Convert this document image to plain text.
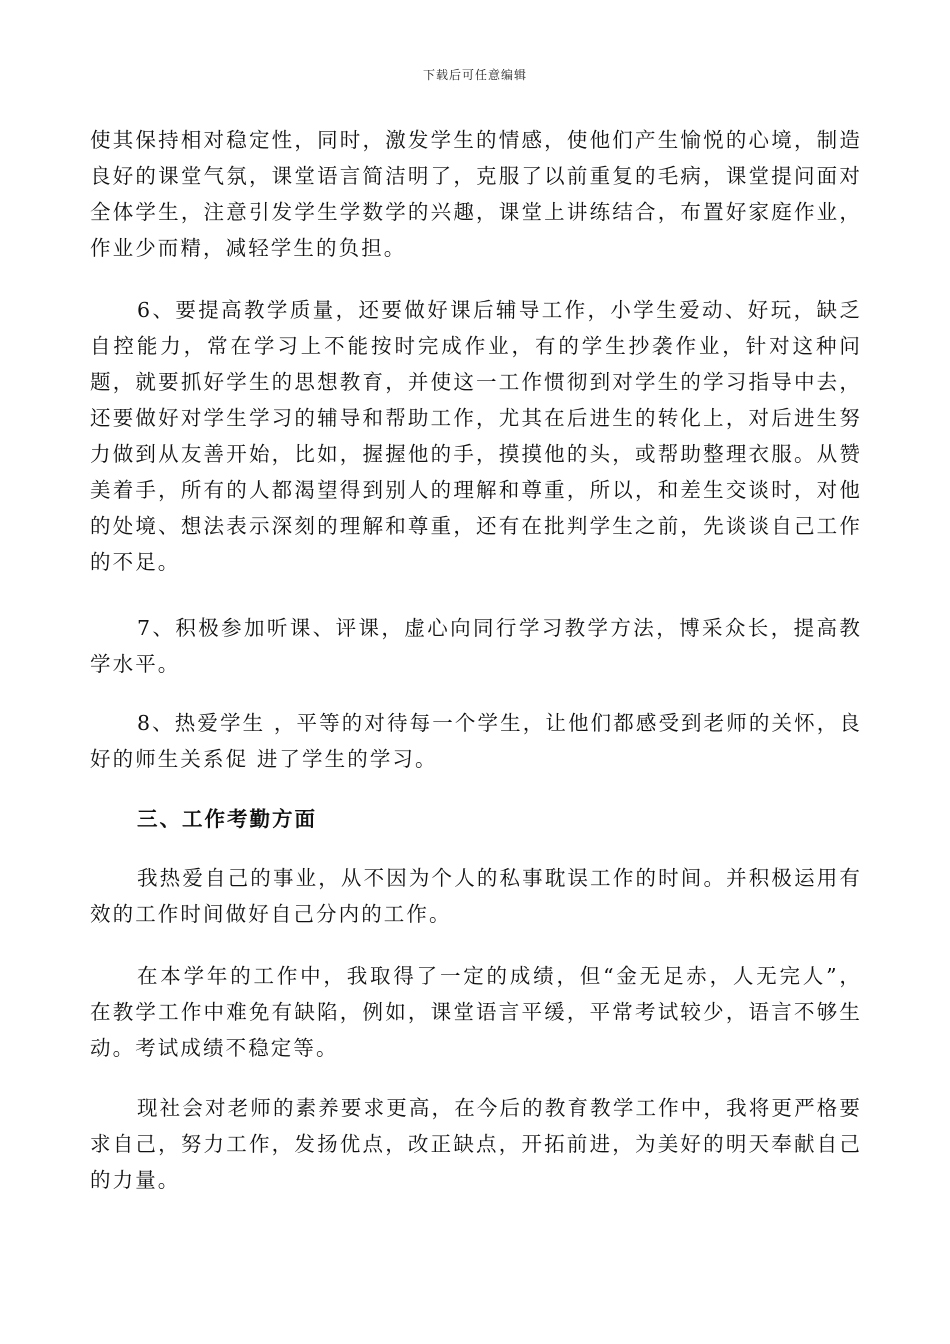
下载后可任意编辑

使其保持相对稳定性，同时，激发学生的情感，使他们产生愉悦的心境，制造良好的课堂气氛，课堂语言简洁明了，克服了以前重复的毛病，课堂提问面对全体学生，注意引发学生学数学的兴趣，课堂上讲练结合，布置好家庭作业，作业少而精，减轻学生的负担。

6、要提高教学质量，还要做好课后辅导工作，小学生爱动、好玩，缺乏自控能力，常在学习上不能按时完成作业，有的学生抄袭作业，针对这种问题，就要抓好学生的思想教育，并使这一工作惯彻到对学生的学习指导中去，还要做好对学生学习的辅导和帮助工作，尤其在后进生的转化上，对后进生努力做到从友善开始，比如，握握他的手，摸摸他的头，或帮助整理衣服。从赞美着手，所有的人都渴望得到别人的理解和尊重，所以，和差生交谈时，对他的处境、想法表示深刻的理解和尊重，还有在批判学生之前，先谈谈自己工作的不足。

7、积极参加听课、评课，虚心向同行学习教学方法，博采众长，提高教学水平。

8、热爱学生 ，平等的对待每一个学生，让他们都感受到老师的关怀，良好的师生关系促 进了学生的学习。

三、工作考勤方面

我热爱自己的事业，从不因为个人的私事耽误工作的时间。并积极运用有效的工作时间做好自己分内的工作。

在本学年的工作中，我取得了一定的成绩，但“金无足赤，人无完人”，在教学工作中难免有缺陷，例如，课堂语言平缓，平常考试较少，语言不够生动。考试成绩不稳定等。

现社会对老师的素养要求更高，在今后的教育教学工作中，我将更严格要求自己，努力工作，发扬优点，改正缺点，开拓前进，为美好的明天奉献自己的力量。
